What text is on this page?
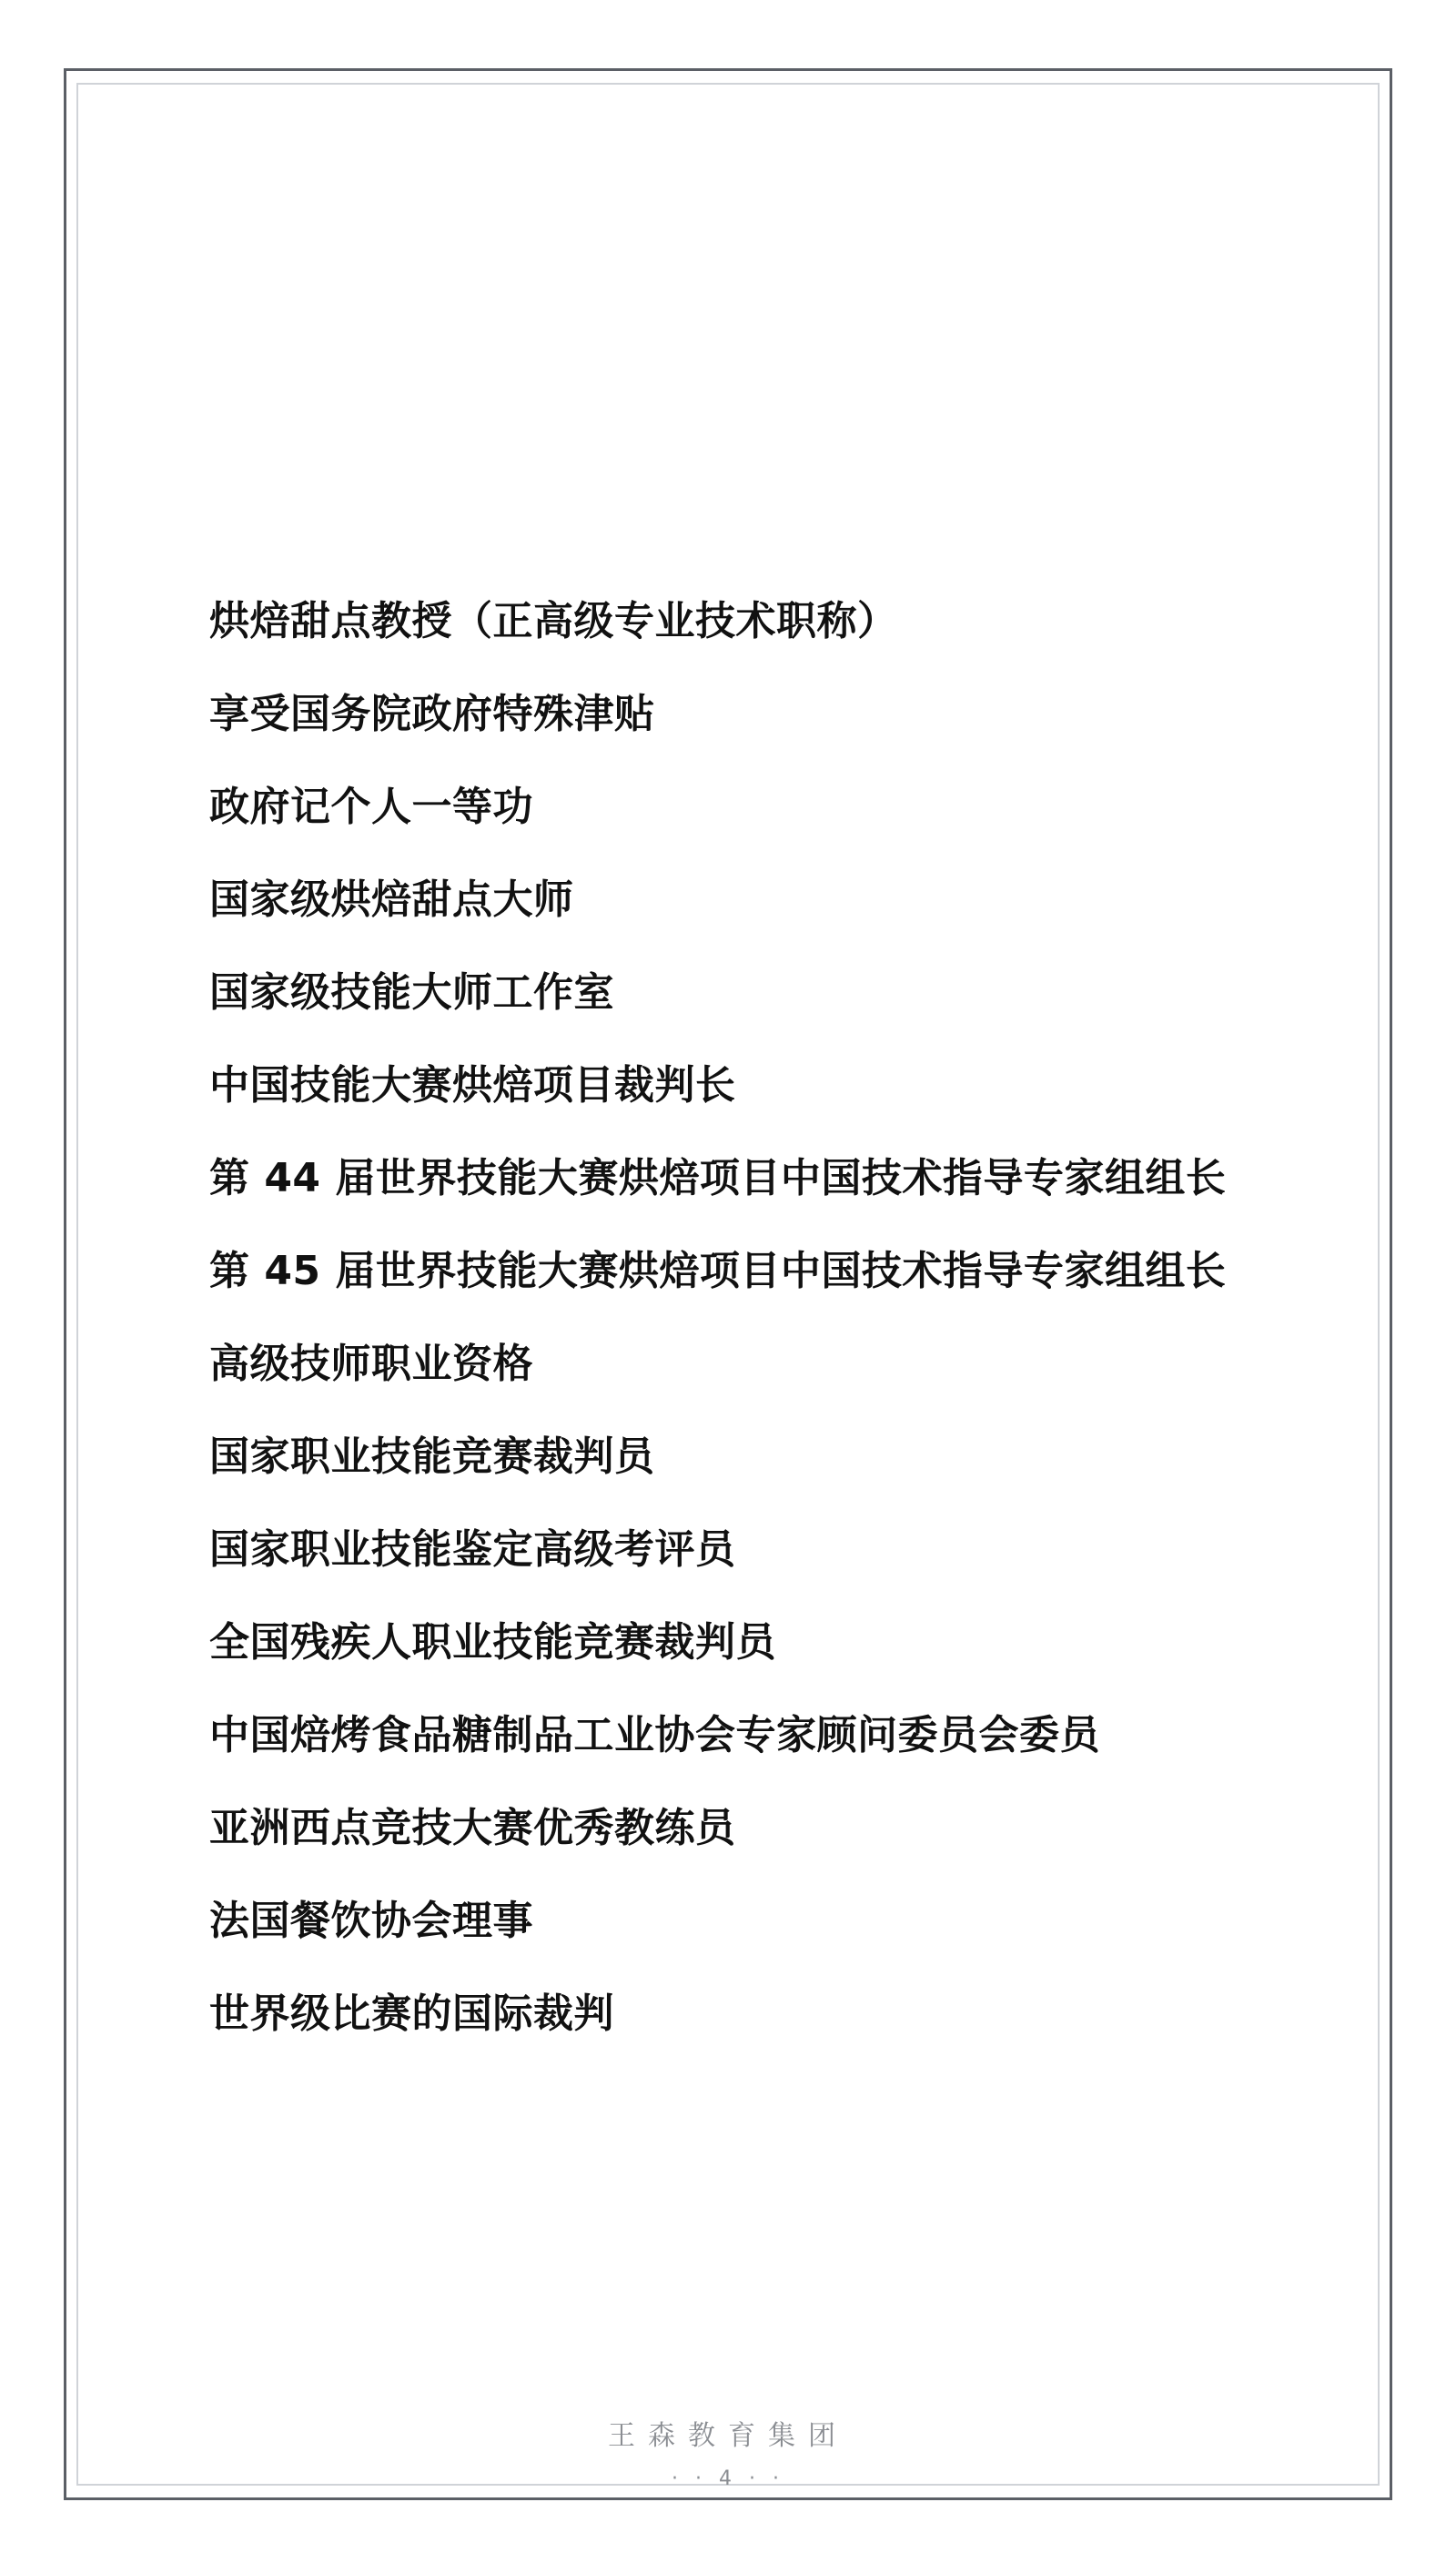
烘焙甜点教授（正高级专业技术职称）
享受国务院政府特殊津贴
政府记个人一等功
国家级烘焙甜点大师
国家级技能大师工作室
中国技能大赛烘焙项目裁判长
第 44 届世界技能大赛烘焙项目中国技术指导专家组组长
第 45 届世界技能大赛烘焙项目中国技术指导专家组组长
高级技师职业资格
国家职业技能竞赛裁判员
国家职业技能鉴定高级考评员
全国残疾人职业技能竞赛裁判员
中国焙烤食品糖制品工业协会专家顾问委员会委员
亚洲西点竞技大赛优秀教练员
法国餐饮协会理事
世界级比赛的国际裁判
王森教育集团
· · 4 · ·
